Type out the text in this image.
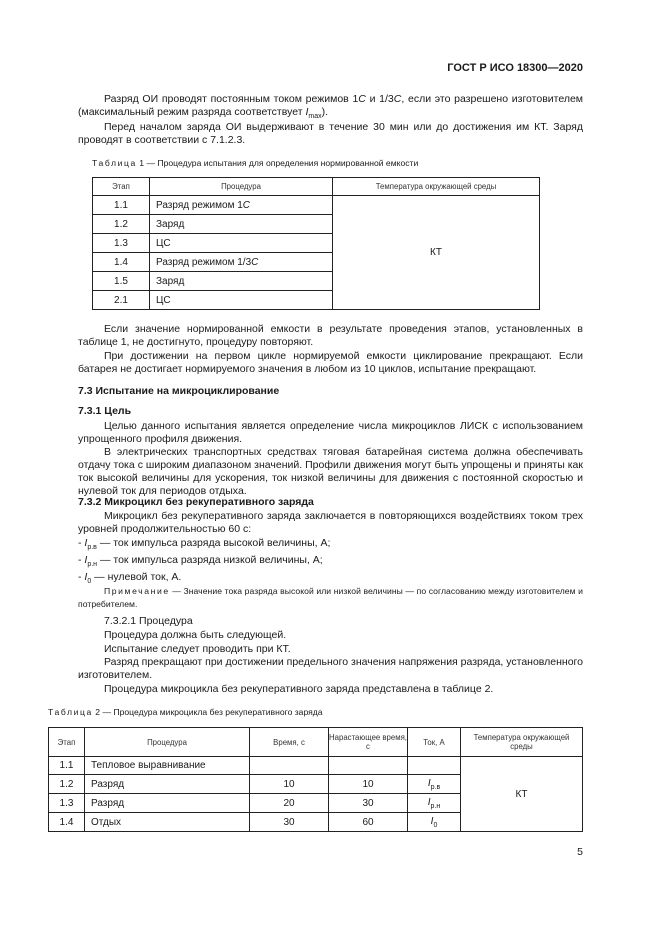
ГОСТ Р ИСО 18300—2020
Разряд ОИ проводят постоянным током режимов 1С и 1/3С, если это разрешено изготовителем (максимальный режим разряда соответствует $I_{max}$).
Перед началом заряда ОИ выдерживают в течение 30 мин или до достижения им КТ. Заряд проводят в соответствии с 7.1.2.3.
Таблица 1 — Процедура испытания для определения нормированной емкости
Этап	Процедура	Температура окружающей среды
1.1	Разряд режимом 1С	КТ
1.2	Заряд	
1.3	ЦС	
1.4	Разряд режимом 1/3С	
1.5	Заряд	
2.1	ЦС	
Если значение нормированной емкости в результате проведения этапов, установленных в таблице 1, не достигнуто, процедуру повторяют.
При достижении на первом цикле нормируемой емкости циклирование прекращают. Если батарея не достигает нормируемого значения в любом из 10 циклов, испытание прекращают.
7.3 Испытание на микроциклирование
7.3.1 Цель
Целью данного испытания является определение числа микроциклов ЛИСК с использованием упрощенного профиля движения.
В электрических транспортных средствах тяговая батарейная система должна обеспечивать отдачу тока с широким диапазоном значений. Профили движения могут быть упрощены и приняты как ток высокой величины для ускорения, ток низкой величины для движения с постоянной скоростью и нулевой ток для периодов отдыха.
7.3.2 Микроцикл без рекуперативного заряда
Микроцикл без рекуперативного заряда заключается в повторяющихся воздействиях током трех уровней продолжительностью 60 с:
- $I_{р.в}$ — ток импульса разряда высокой величины, А;
- $I_{р.н}$ — ток импульса разряда низкой величины, А;
- $I_0$ — нулевой ток, А.
Примечание — Значение тока разряда высокой или низкой величины — по согласованию между изготовителем и потребителем.
7.3.2.1 Процедура
Процедура должна быть следующей.
Испытание следует проводить при КТ.
Разряд прекращают при достижении предельного значения напряжения разряда, установленного изготовителем.
Процедура микроцикла без рекуперативного заряда представлена в таблице 2.
Таблица 2 — Процедура микроцикла без рекуперативного заряда
Этап	Процедура	Время, с	Нарастающее время, с	Ток, А	Температура окружающей среды
1.1	Тепловое выравнивание				КТ
1.2	Разряд	10	10	$I_{р.в}$
1.3	Разряд	20	30	$I_{р.н}$
1.4	Отдых	30	60	$I_0$
5
